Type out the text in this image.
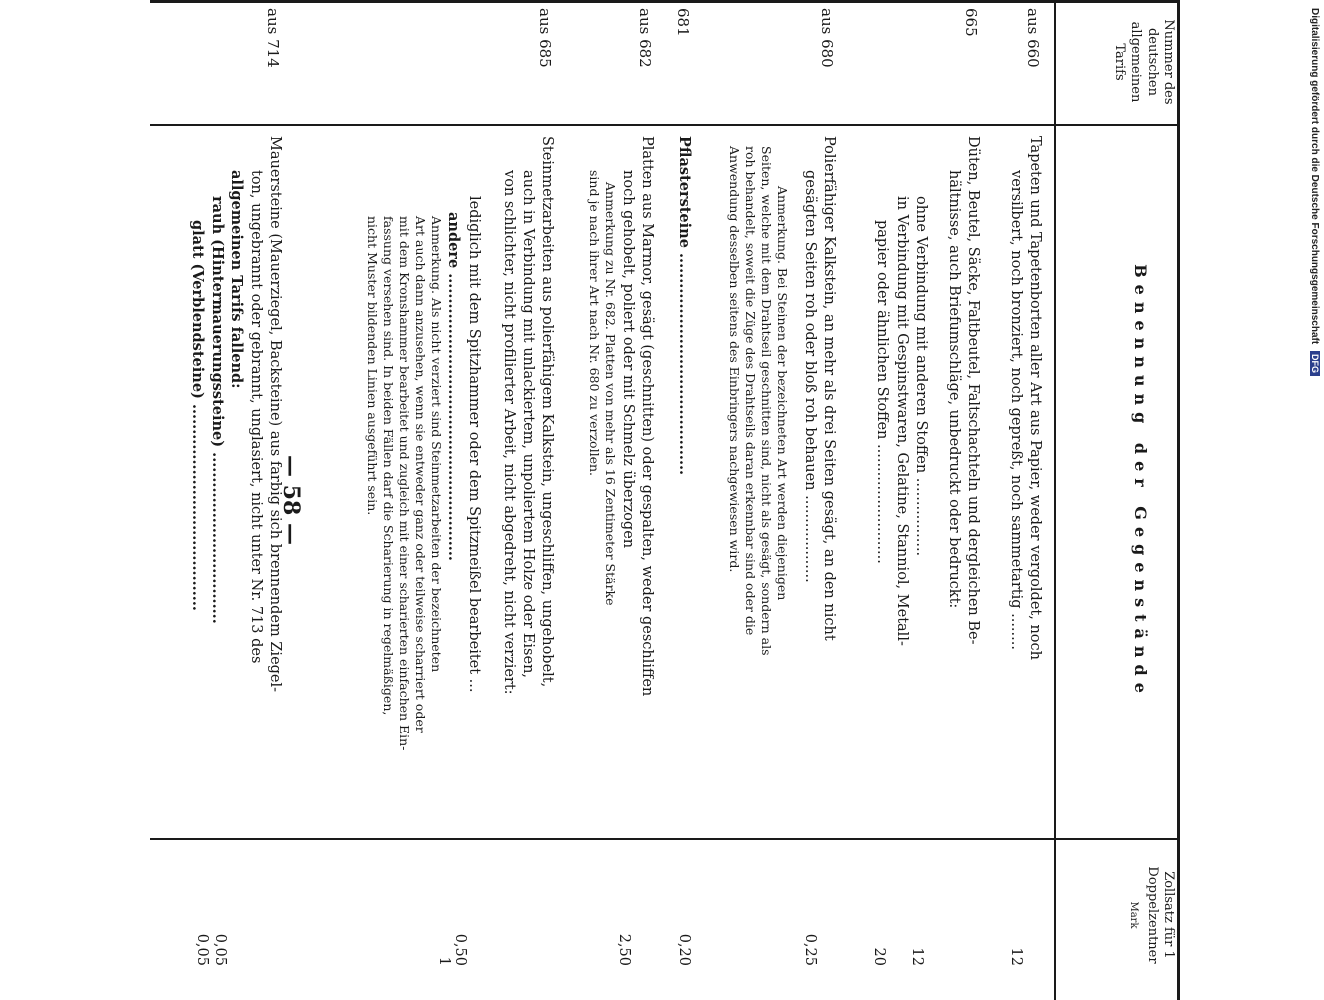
Nummer des deutschen allgemeinen Tarifs
Benennung der Gegenstände
Zollsatz für 1 Doppelzentner
Mark
aus 660
Tapeten und Tapetenborten aller Art aus Papier, weder vergoldet, noch
versilbert, noch bronziert, noch gepreßt, noch sammetartig ........
12
665
Düten, Beutel, Säcke, Faltbeutel, Faltschachteln und dergleichen Be-
hältnisse, auch Briefumschläge, unbedruckt oder bedruckt:
ohne Verbindung mit anderen Stoffen .................
in Verbindung mit Gespinstwaren, Gelatine, Stanniol, Metall-
papier oder ähnlichen Stoffen ..........................
12
20
aus 680
Polierfähiger Kalkstein, an mehr als drei Seiten gesägt, an den nicht
gesägten Seiten roh oder bloß roh behauen ...................
Anmerkung. Bei Steinen der bezeichneten Art werden diejenigen
Seiten, welche mit dem Drahtseil geschnitten sind, nicht als gesägt, sondern als
roh behandelt, soweit die Züge des Drahtseils daran erkennbar sind oder die
Anwendung desselben seitens des Einbringers nachgewiesen wird.
0,25
681
Pflastersteine ............................................
0,20
aus 682
Platten aus Marmor, gesägt (geschnitten) oder gespalten, weder geschliffen
noch gehobelt, poliert oder mit Schmelz überzogen
Anmerkung zu Nr. 682. Platten von mehr als 16 Zentimeter Stärke
sind je nach ihrer Art nach Nr. 680 zu verzollen.
2,50
aus 685
Steinmetzarbeiten aus polierfähigem Kalkstein, ungeschliffen, ungehobelt,
auch in Verbindung mit unlackiertem, unpoliertem Holze oder Eisen,
von schlichter, nicht profilierter Arbeit, nicht abgedreht, nicht verziert:
lediglich mit dem Spitzhammer oder dem Spitzmeißel bearbeitet ...
andere .........................................................
Anmerkung. Als nicht verziert sind Steinmetzarbeiten der bezeichneten
Art auch dann anzusehen, wenn sie entweder ganz oder teilweise scharriert oder
mit dem Kronshammer bearbeitet und zugleich mit einer scharierten einfachen Ein-
fassung versehen sind. In beiden Fällen darf die Scharierung in regelmäßigen,
nicht Muster bildenden Linien ausgeführt sein.
0,50
1
aus 714
Mauersteine (Mauerziegel, Backsteine) aus farbig sich brennendem Ziegel-
ton, ungebrannt oder gebrannt, unglasiert, nicht unter Nr. 713 des
allgemeinen Tarifs fallend:
rauh (Hintermauerungssteine) ..................................
glatt (Verblendsteine) .........................................
0,05
0,05
— 58 —
Digitalisierung gefördert durch die Deutsche Forschungsgemeinschaft DFG
